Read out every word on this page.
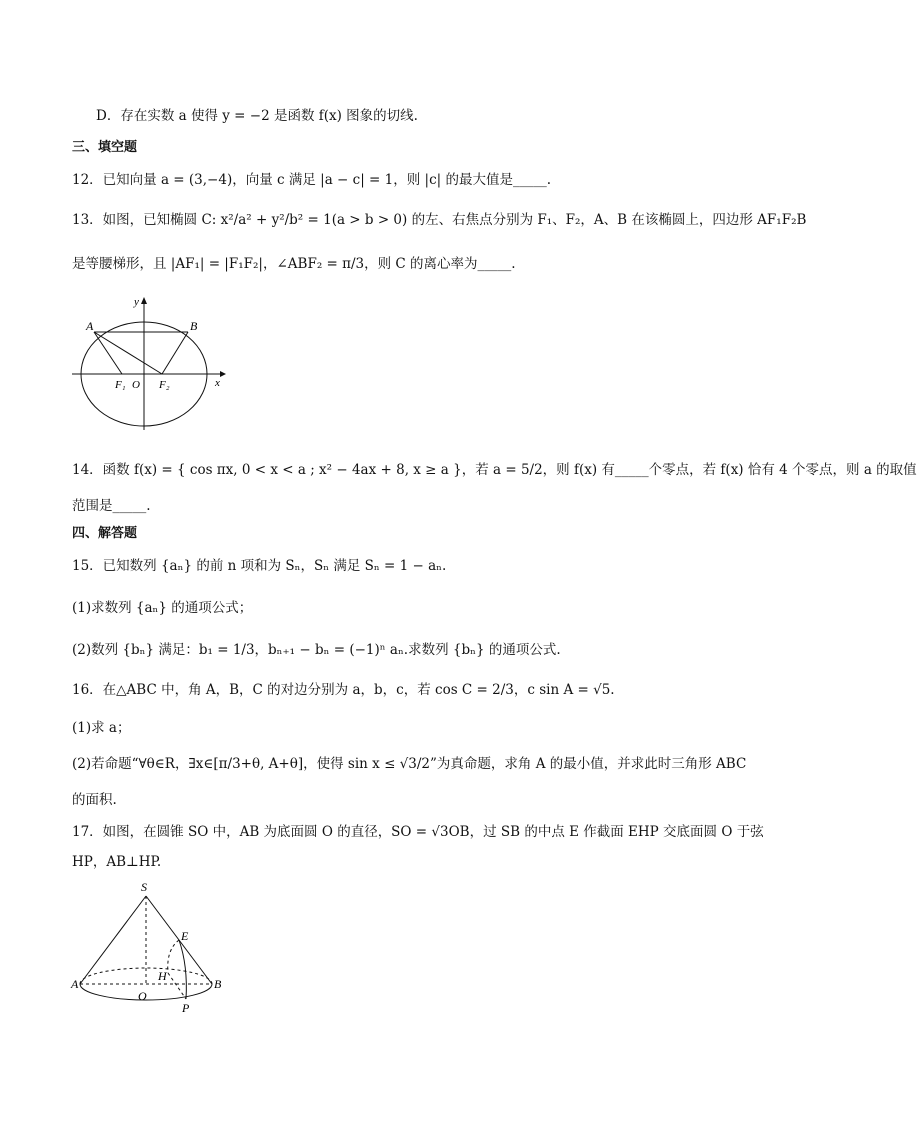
D．存在实数 a 使得 y = −2 是函数 f(x) 图象的切线.
三、填空题
12．已知向量 a = (3,−4)，向量 c 满足 |a − c| = 1，则 |c| 的最大值是_____.
13．如图，已知椭圆 C: x²/a² + y²/b² = 1(a > b > 0) 的左、右焦点分别为 F₁、F₂，A、B 在该椭圆上，四边形 AF₁F₂B
是等腰梯形，且 |AF₁| = |F₁F₂|，∠ABF₂ = π/3，则 C 的离心率为_____.
A	B
F₁ O F₂	x
y
14．函数 f(x) = { cos πx, 0 < x < a ; x² − 4ax + 8, x ≥ a }，若 a = 5/2，则 f(x) 有_____个零点，若 f(x) 恰有 4 个零点，则 a 的取值
范围是_____.
四、解答题
15．已知数列 {aₙ} 的前 n 项和为 Sₙ，Sₙ 满足 Sₙ = 1 − aₙ.
(1)求数列 {aₙ} 的通项公式；
(2)数列 {bₙ} 满足：b₁ = 1/3，bₙ₊₁ − bₙ = (−1)ⁿ aₙ.求数列 {bₙ} 的通项公式.
16．在△ABC 中，角 A，B，C 的对边分别为 a，b，c，若 cos C = 2/3，c sin A = √5.
(1)求 a；
(2)若命题“∀θ∈R，∃x∈[π/3+θ, A+θ]，使得 sin x ≤ √3/2”为真命题，求角 A 的最小值，并求此时三角形 ABC
的面积.
17．如图，在圆锥 SO 中，AB 为底面圆 O 的直径，SO = √3OB，过 SB 的中点 E 作截面 EHP 交底面圆 O 于弦
HP，AB⊥HP.
S
E
H
A
O
B
P
